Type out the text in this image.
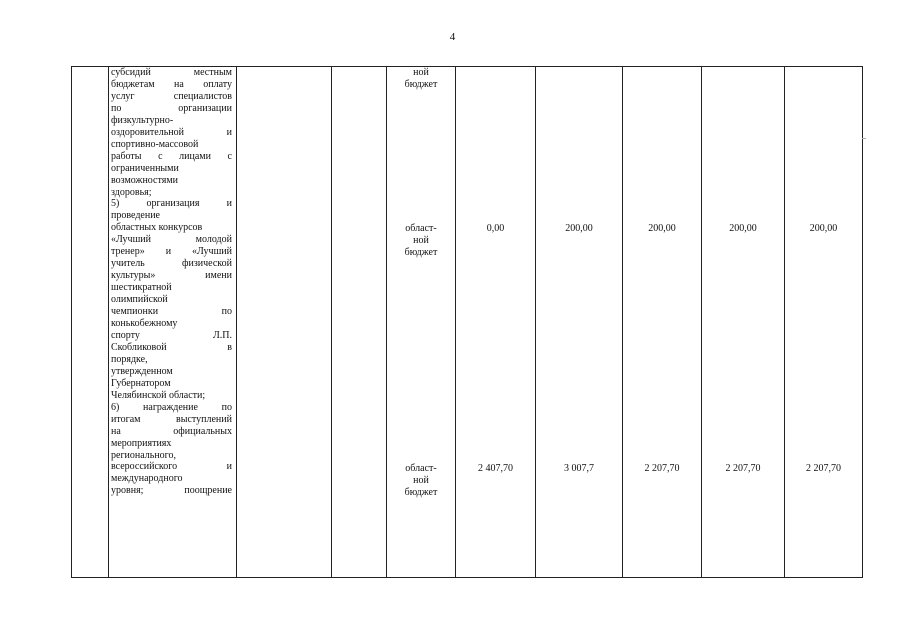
4
субсидий местным
бюджетам на оплату
услуг специалистов
по организации
физкультурно-
оздоровительной и
спортивно-массовой
работы с лицами с
ограниченными
возможностями
здоровья;
5) организация и
проведение
областных конкурсов
«Лучший молодой
тренер» и «Лучший
учитель физической
культуры» имени
шестикратной
олимпийской
чемпионки по
конькобежному
спорту Л.П.
Скобликовой в
порядке,
утвержденном
Губернатором
Челябинской области;
6) награждение по
итогам выступлений
на официальных
мероприятиях
регионального,
всероссийского и
международного
уровня; поощрение
ной
бюджет
област-
ной
бюджет
0,00	200,00	200,00	200,00	200,00
област-
ной
бюджет
2 407,70	3 007,7	2 207,70	2 207,70	2 207,70
